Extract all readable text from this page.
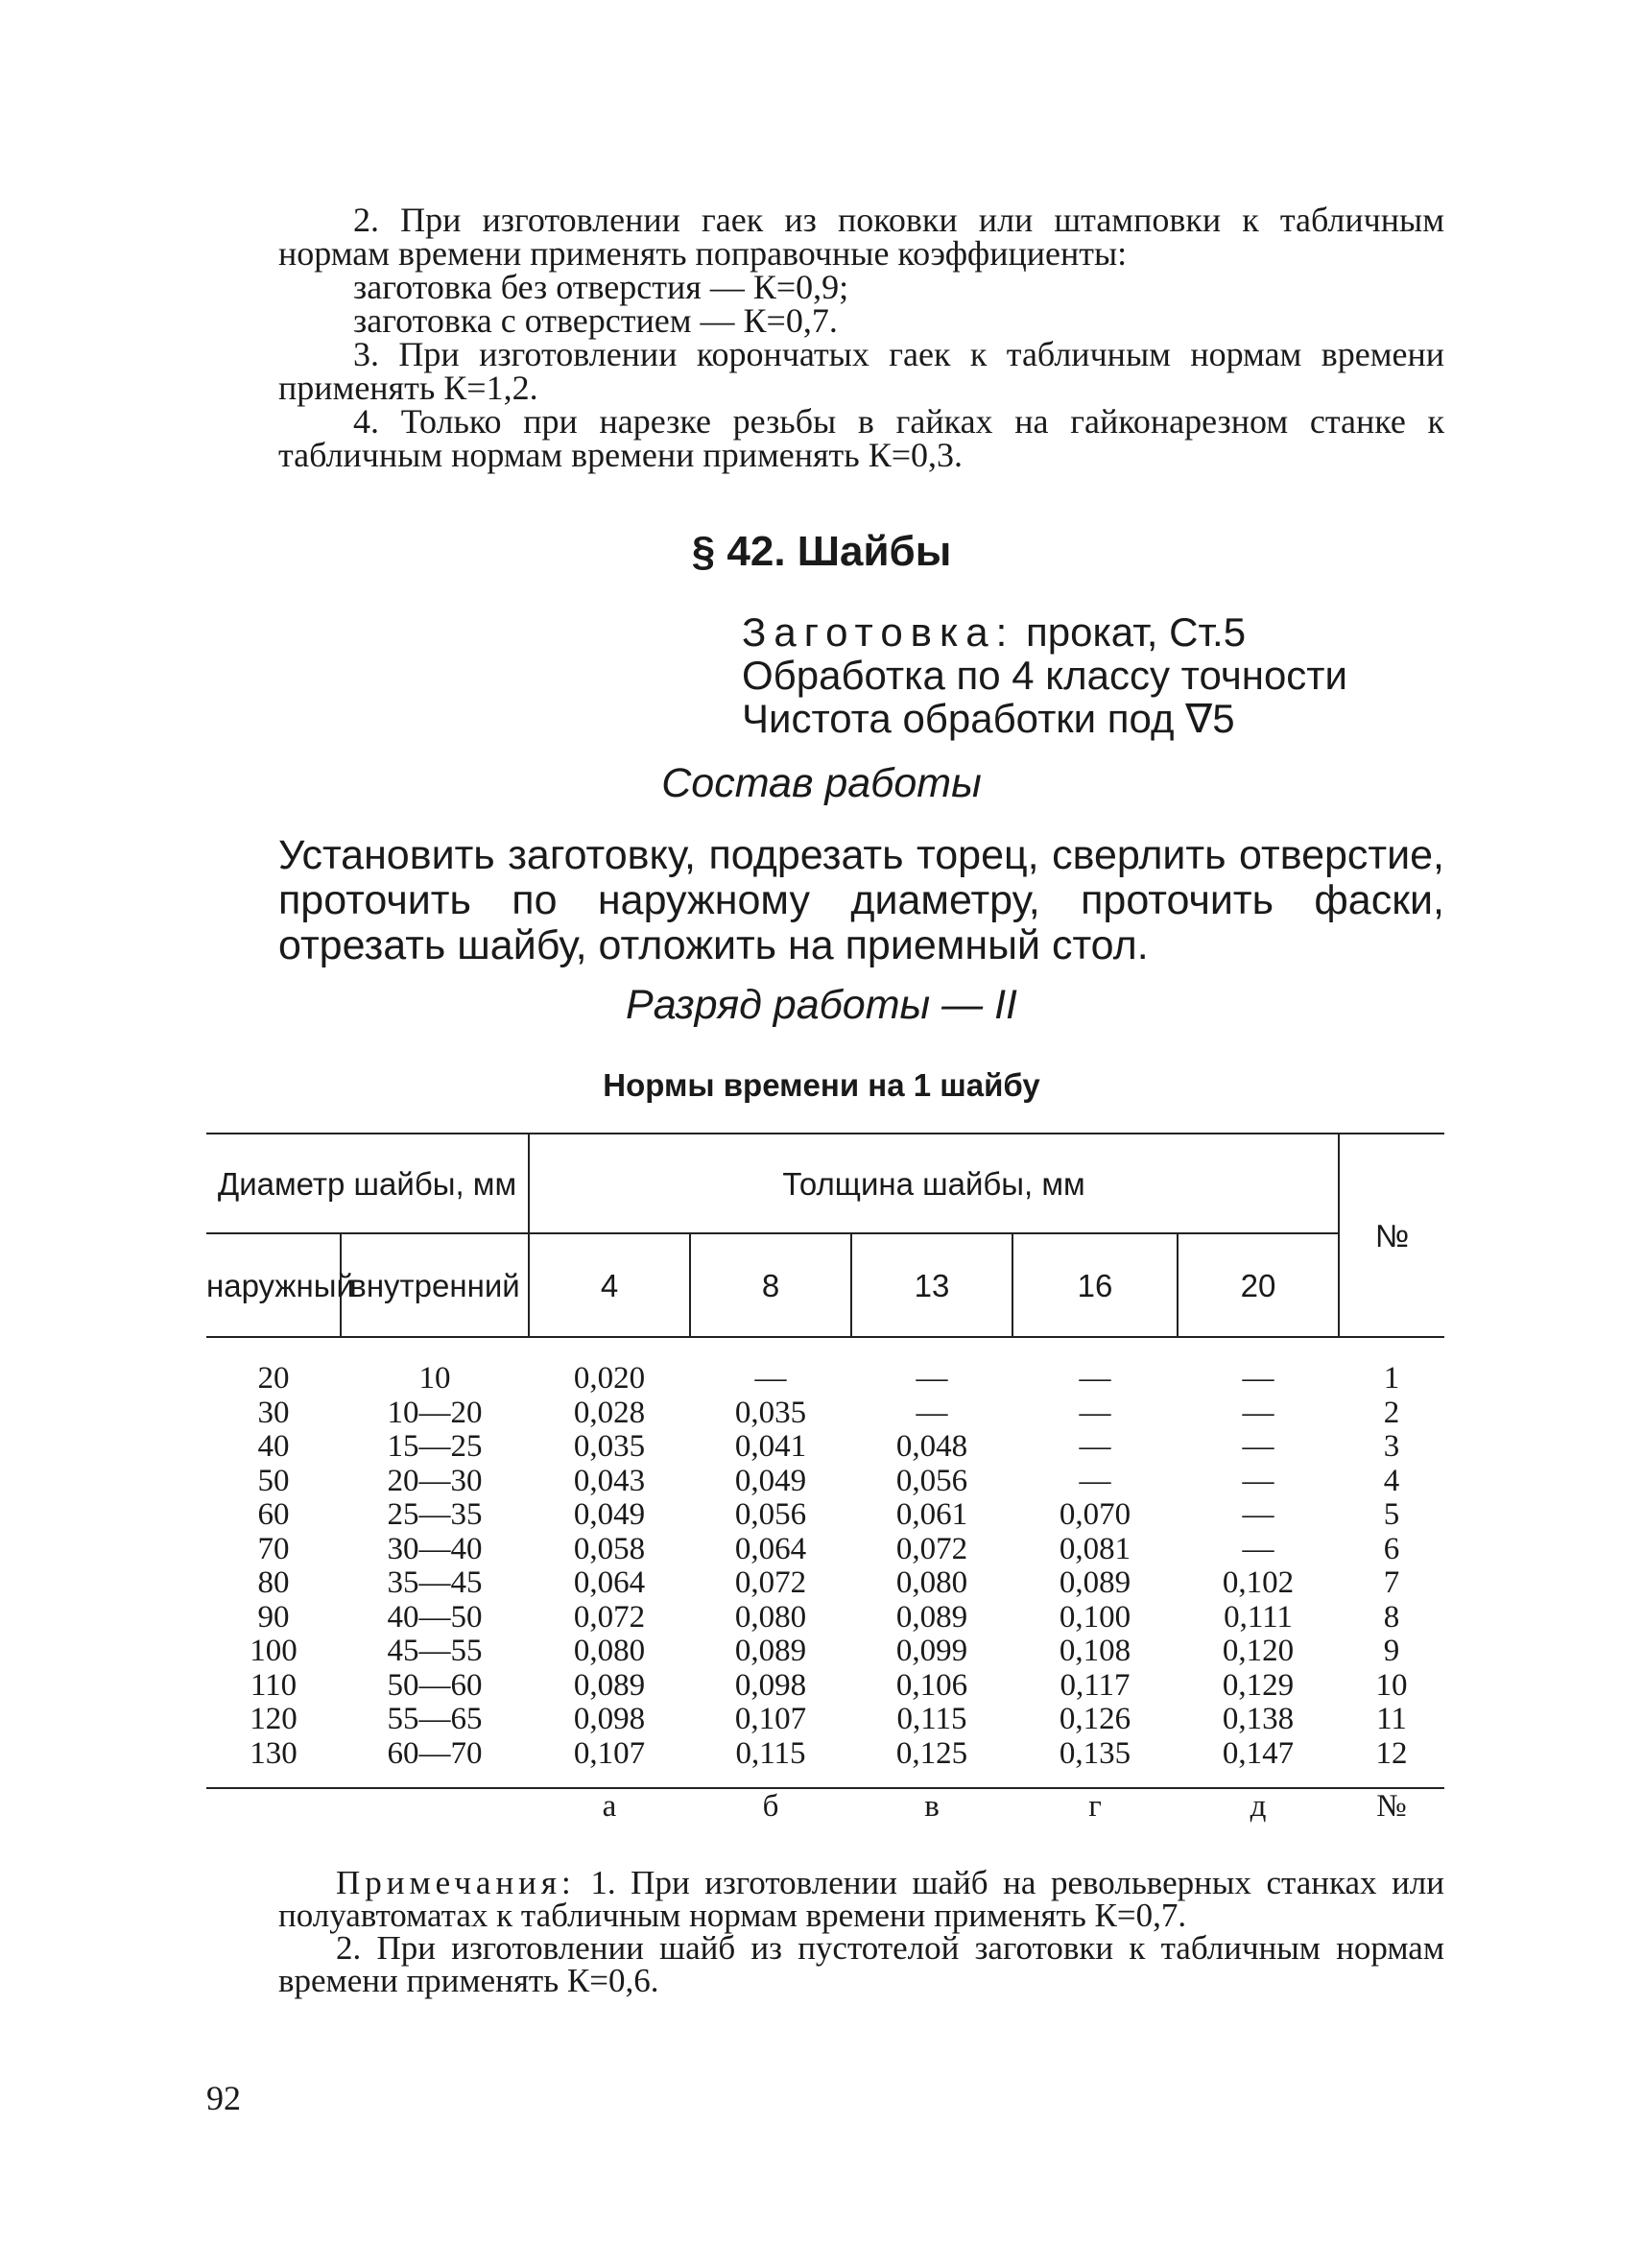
2. При изготовлении гаек из поковки или штамповки к табличным нормам времени применять поправочные коэффициенты:

заготовка без отверстия — К=0,9;

заготовка с отверстием — К=0,7.

3. При изготовлении корончатых гаек к табличным нормам времени применять К=1,2.

4. Только при нарезке резьбы в гайках на гайконарезном станке к табличным нормам времени применять К=0,3.

§ 42. Шайбы
Заготовка: прокат, Ст.5
Обработка по 4 классу точности
Чистота обработки под ∇5
Состав работы
Установить заготовку, подрезать торец, сверлить отверстие, проточить по наружному диаметру, проточить фаски, отрезать шайбу, отложить на приемный стол.
Разряд работы — II
Нормы времени на 1 шайбу
Диаметр шайбы, мм		Толщина шайбы, мм					№
наружный	внутренний	4	8	13	16	20	

20	10	0,020	—	—	—	—	1
30	10—20	0,028	0,035	—	—	—	2
40	15—25	0,035	0,041	0,048	—	—	3
50	20—30	0,043	0,049	0,056	—	—	4
60	25—35	0,049	0,056	0,061	0,070	—	5
70	30—40	0,058	0,064	0,072	0,081	—	6
80	35—45	0,064	0,072	0,080	0,089	0,102	7
90	40—50	0,072	0,080	0,089	0,100	0,111	8
100	45—55	0,080	0,089	0,099	0,108	0,120	9
110	50—60	0,089	0,098	0,106	0,117	0,129	10
120	55—65	0,098	0,107	0,115	0,126	0,138	11
130	60—70	0,107	0,115	0,125	0,135	0,147	12

		а	б	в	г	д	№

Примечания: 1. При изготовлении шайб на револьверных станках или полуавтоматах к табличным нормам времени применять К=0,7.

2. При изготовлении шайб из пустотелой заготовки к табличным нормам времени применять К=0,6.

92
